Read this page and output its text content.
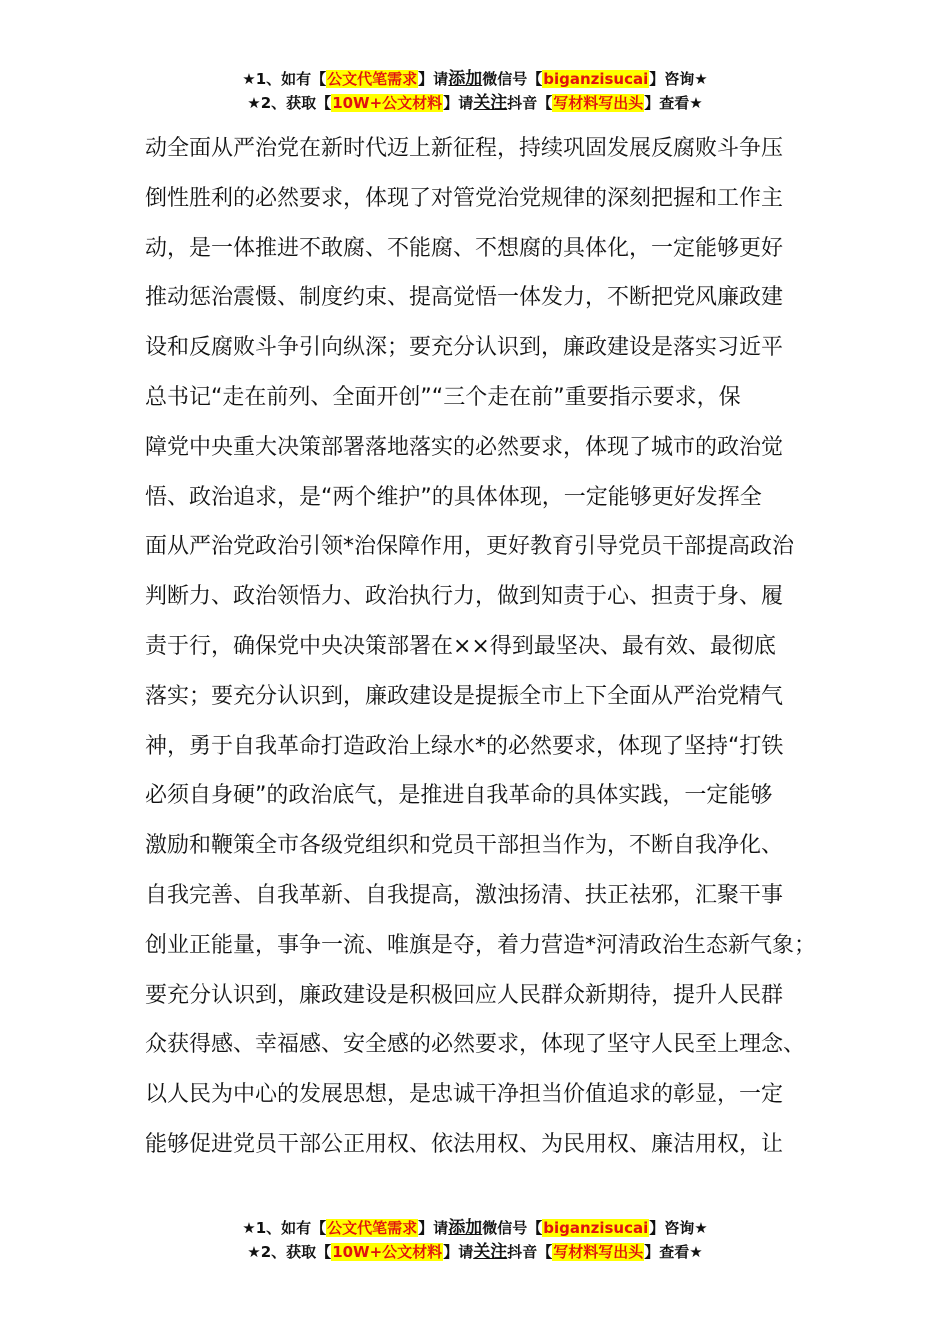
★1、如有【公文代笔需求】请添加微信号【biganzisucai】咨询★
★2、获取【10W+公文材料】请关注抖音【写材料写出头】查看★
动全面从严治党在新时代迈上新征程，持续巩固发展反腐败斗争压
倒性胜利的必然要求，体现了对管党治党规律的深刻把握和工作主
动，是一体推进不敢腐、不能腐、不想腐的具体化，一定能够更好
推动惩治震慑、制度约束、提高觉悟一体发力，不断把党风廉政建
设和反腐败斗争引向纵深；要充分认识到，廉政建设是落实习近平
总书记“走在前列、全面开创”“三个走在前”重要指示要求，保
障党中央重大决策部署落地落实的必然要求，体现了城市的政治觉
悟、政治追求，是“两个维护”的具体体现，一定能够更好发挥全
面从严治党政治引领*治保障作用，更好教育引导党员干部提高政治
判断力、政治领悟力、政治执行力，做到知责于心、担责于身、履
责于行，确保党中央决策部署在××得到最坚决、最有效、最彻底
落实；要充分认识到，廉政建设是提振全市上下全面从严治党精气
神，勇于自我革命打造政治上绿水*的必然要求，体现了坚持“打铁
必须自身硬”的政治底气，是推进自我革命的具体实践，一定能够
激励和鞭策全市各级党组织和党员干部担当作为，不断自我净化、
自我完善、自我革新、自我提高，激浊扬清、扶正祛邪，汇聚干事
创业正能量，事争一流、唯旗是夺，着力营造*河清政治生态新气象；
要充分认识到，廉政建设是积极回应人民群众新期待，提升人民群
众获得感、幸福感、安全感的必然要求，体现了坚守人民至上理念、
以人民为中心的发展思想，是忠诚干净担当价值追求的彰显，一定
能够促进党员干部公正用权、依法用权、为民用权、廉洁用权，让
★1、如有【公文代笔需求】请添加微信号【biganzisucai】咨询★
★2、获取【10W+公文材料】请关注抖音【写材料写出头】查看★
